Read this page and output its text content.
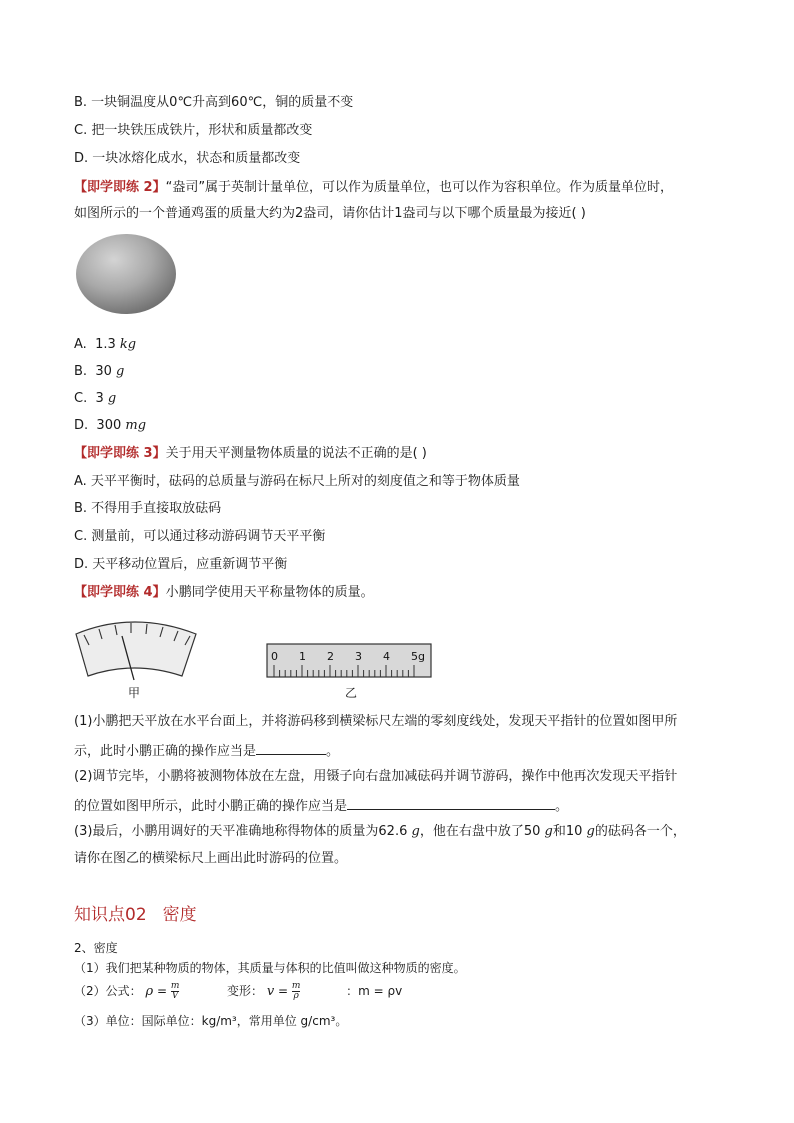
B. 一块铜温度从0℃升高到60℃，铜的质量不变
C. 把一块铁压成铁片，形状和质量都改变
D. 一块冰熔化成水，状态和质量都改变
【即学即练 2】“盎司”属于英制计量单位，可以作为质量单位，也可以作为容积单位。作为质量单位时，
如图所示的一个普通鸡蛋的质量大约为2盎司，请你估计1盎司与以下哪个质量最为接近( )
A. 1.3 kg
B. 30 g
C. 3 g
D. 300 mg
【即学即练 3】关于用天平测量物体质量的说法不正确的是( )
A. 天平平衡时，砝码的总质量与游码在标尺上所对的刻度值之和等于物体质量
B. 不得用手直接取放砝码
C. 测量前，可以通过移动游码调节天平平衡
D. 天平移动位置后，应重新调节平衡
【即学即练 4】小鹏同学使用天平称量物体的质量。
甲
0 1 2 3 4 5g
乙
(1)小鹏把天平放在水平台面上，并将游码移到横梁标尺左端的零刻度线处，发现天平指针的位置如图甲所
示，此时小鹏正确的操作应当是	。
(2)调节完毕，小鹏将被测物体放在左盘，用镊子向右盘加减砝码并调节游码，操作中他再次发现天平指针
的位置如图甲所示，此时小鹏正确的操作应当是	。
(3)最后，小鹏用调好的天平准确地称得物体的质量为62.6 g，他在右盘中放了50 g和10 g的砝码各一个，
请你在图乙的横梁标尺上画出此时游码的位置。
知识点02 密度
2、密度
（1）我们把某种物质的物体，其质量与体积的比值叫做这种物质的密度。
（2）公式： $\rho = \frac{m}{V}$	变形： $v = \frac{m}{\rho}$	：m = ρv
（3）单位：国际单位：kg/m³，常用单位 g/cm³。
